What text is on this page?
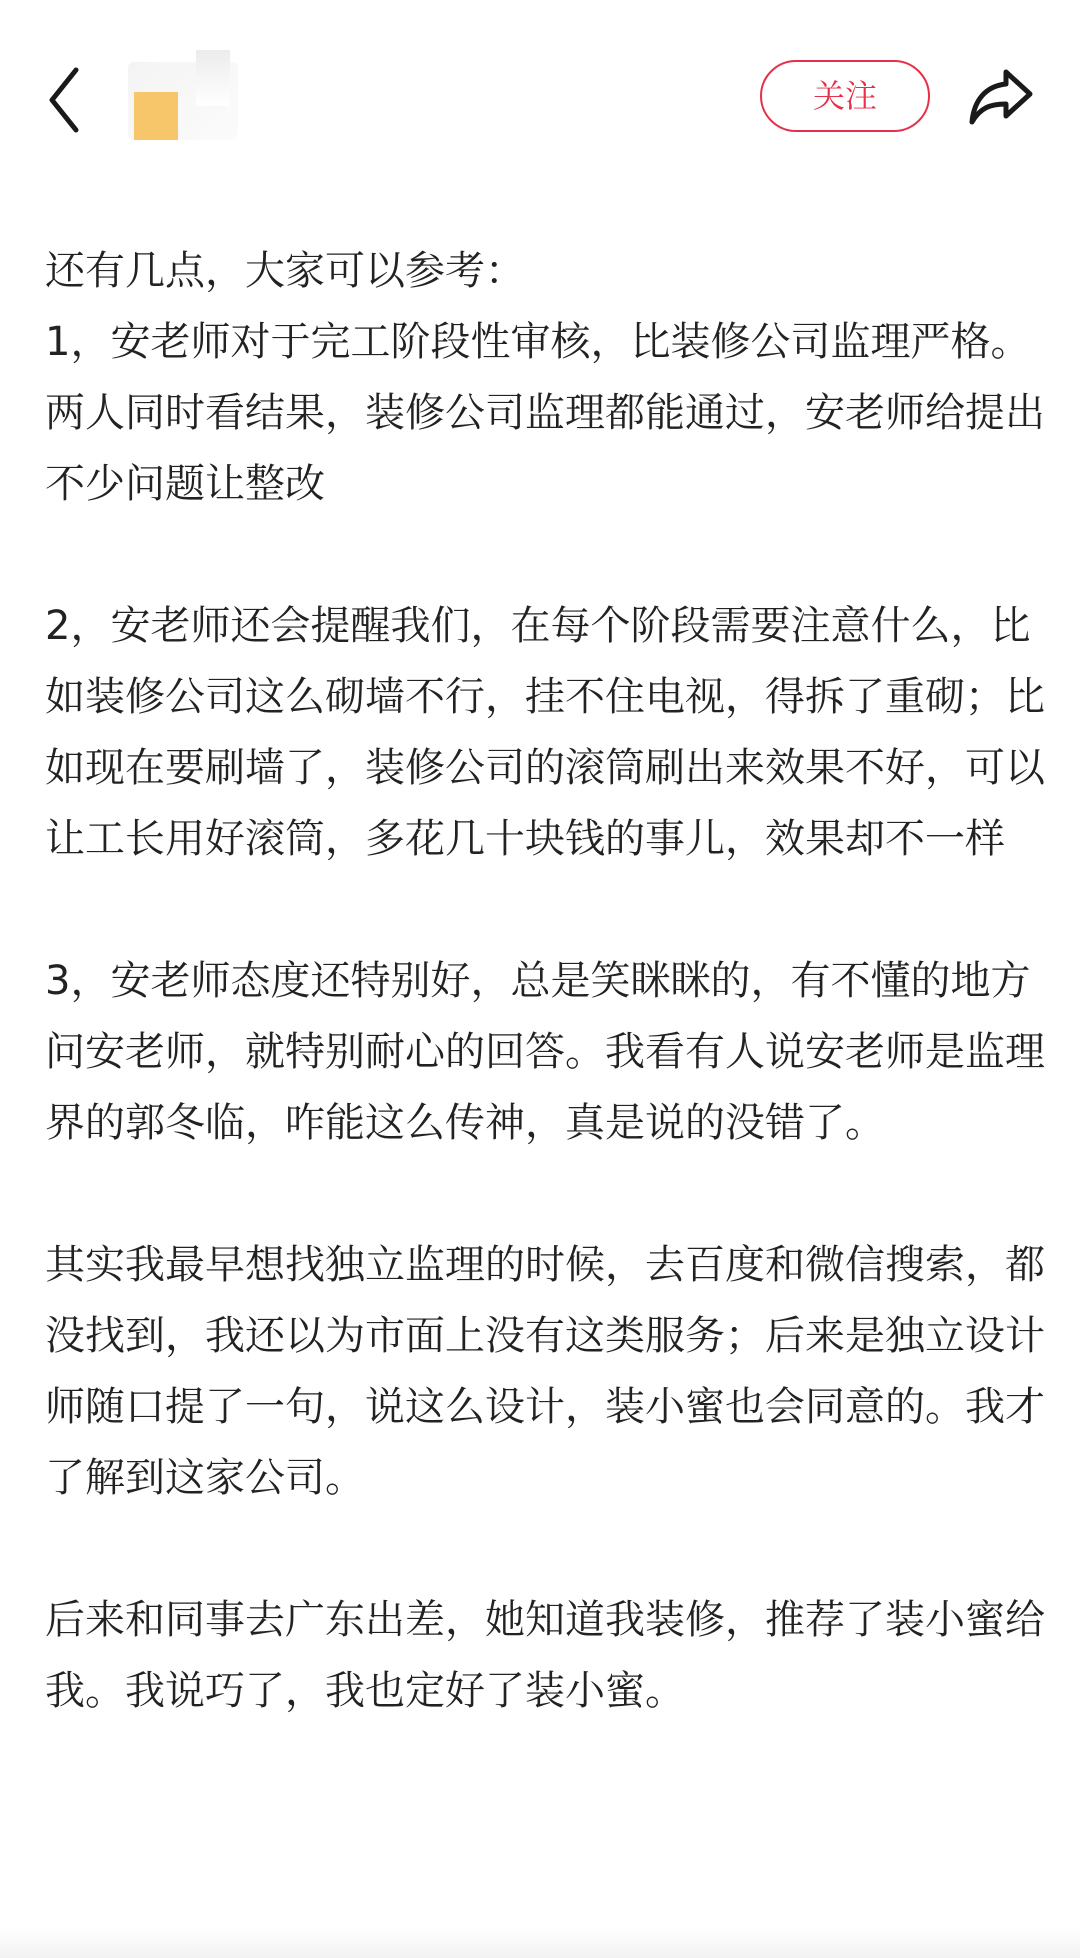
关注

还有几点，大家可以参考：

1，安老师对于完工阶段性审核，比装修公司监理严格。两人同时看结果，装修公司监理都能通过，安老师给提出不少问题让整改

2，安老师还会提醒我们，在每个阶段需要注意什么，比如装修公司这么砌墙不行，挂不住电视，得拆了重砌；比如现在要刷墙了，装修公司的滚筒刷出来效果不好，可以让工长用好滚筒，多花几十块钱的事儿，效果却不一样

3，安老师态度还特别好，总是笑眯眯的，有不懂的地方问安老师，就特别耐心的回答。我看有人说安老师是监理界的郭冬临，咋能这么传神，真是说的没错了。

其实我最早想找独立监理的时候，去百度和微信搜索，都没找到，我还以为市面上没有这类服务；后来是独立设计师随口提了一句，说这么设计，装小蜜也会同意的。我才了解到这家公司。

后来和同事去广东出差，她知道我装修，推荐了装小蜜给我。我说巧了，我也定好了装小蜜。
